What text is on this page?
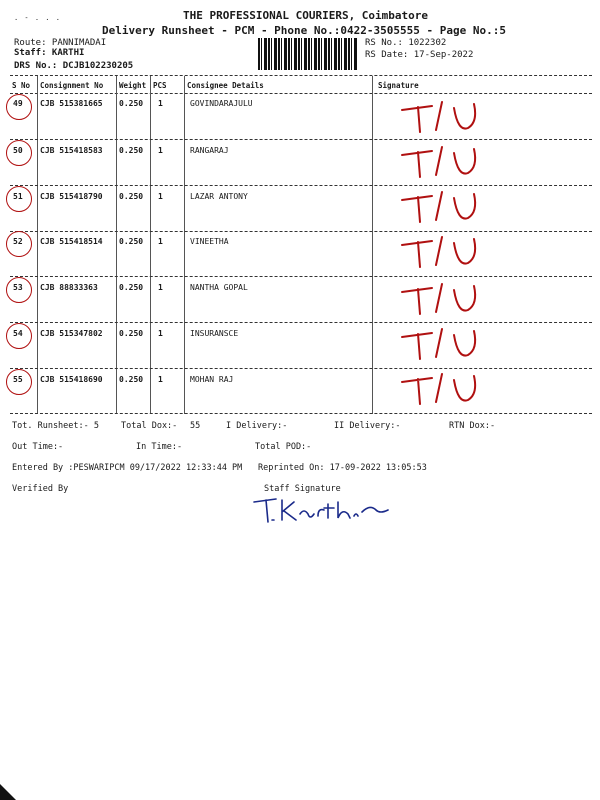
. - . . .	THE PROFESSIONAL COURIERS, Coimbatore
Delivery Runsheet - PCM - Phone No.:0422-3505555 - Page No.:5
Route: PANNIMADAI
Staff: KARTHI
DRS No.: DCJB102230205
RS No.: 1022302
RS Date: 17-Sep-2022
S No Consignment No Weight PCS	Consignee Details	Signature
49 CJB 515381665 0.250 1	GOVINDARAJULU
50 CJB 515418583 0.250 1	RANGARAJ
51 CJB 515418790 0.250 1	LAZAR ANTONY
52 CJB 515418514 0.250 1	VINEETHA
53 CJB 88833363	0.250 1	NANTHA GOPAL
54 CJB 515347802 0.250 1	INSURANSCE
55 CJB 515418690 0.250 1	MOHAN RAJ
Tot. Runsheet:- 5	Total Dox:- 55	I Delivery:-	II Delivery:-	RTN Dox:-
Out Time:-	In Time:-	Total POD:-
Entered By :PESWARIPCM 09/17/2022 12:33:44 PM Reprinted On: 17-09-2022 13:05:53
Verified By	Staff Signature
